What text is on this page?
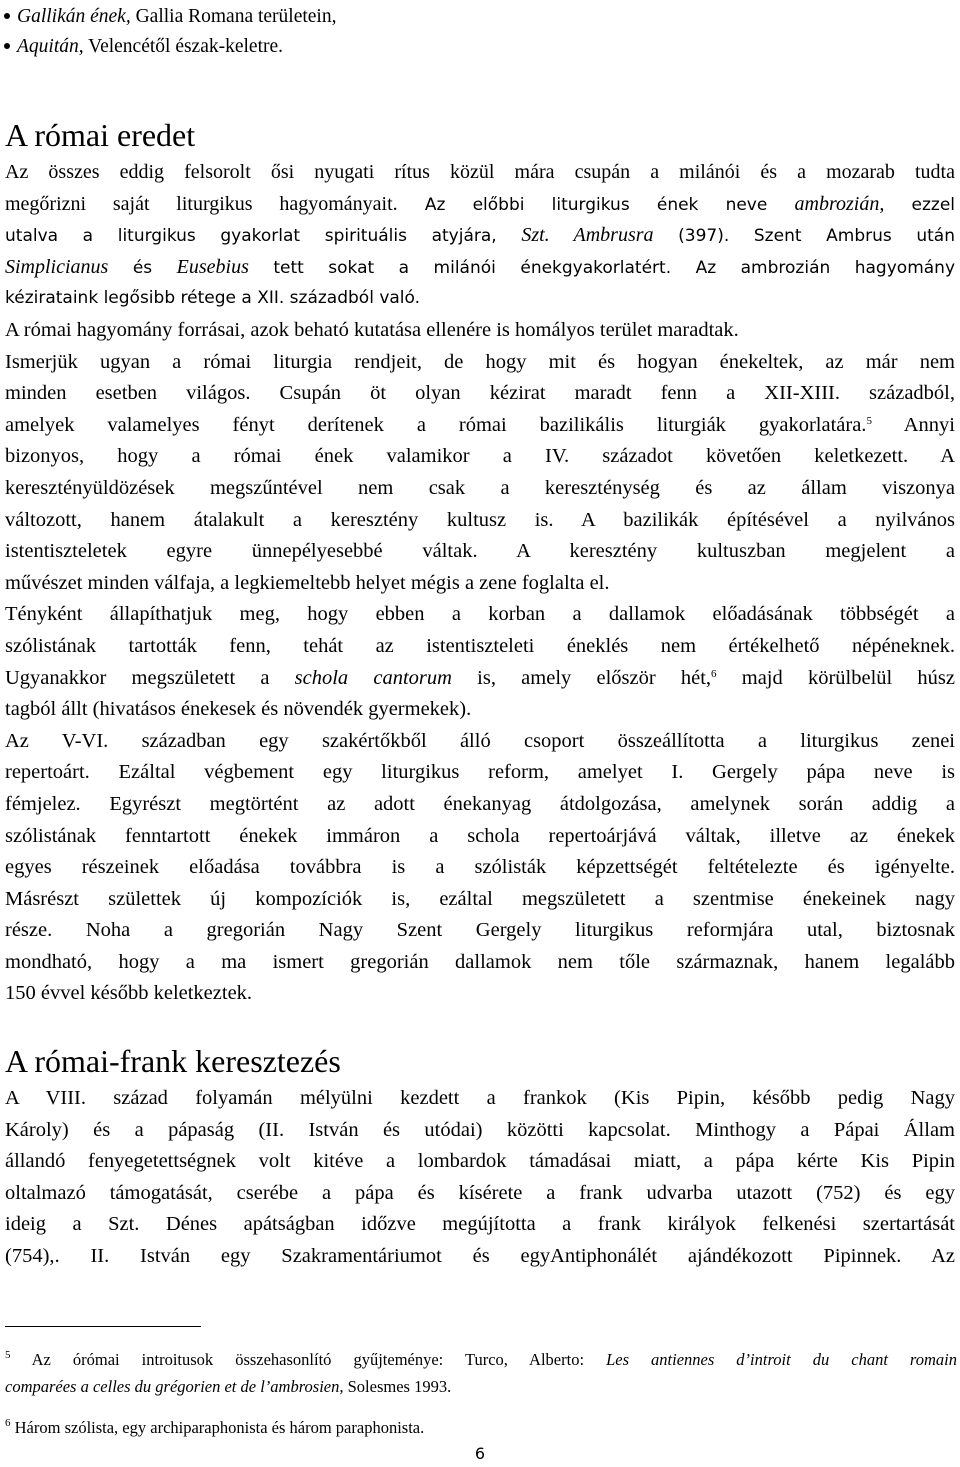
Gallikán ének, Gallia Romana területein,
Aquitán, Velencétől észak-keletre.
A római eredet
Az összes eddig felsorolt ősi nyugati rítus közül mára csupán a milánói és a mozarab tudta
megőrizni saját liturgikus hagyományait. Az előbbi liturgikus ének neve ambrozián, ezzel
utalva a liturgikus gyakorlat spirituális atyjára, Szt. Ambrusra (397). Szent Ambrus után
Simplicianus és Eusebius tett sokat a milánói énekgyakorlatért. Az ambrozián hagyomány
kézirataink legősibb rétege a XII. századból való.
A római hagyomány forrásai, azok beható kutatása ellenére is homályos terület maradtak.
Ismerjük ugyan a római liturgia rendjeit, de hogy mit és hogyan énekeltek, az már nem
minden esetben világos. Csupán öt olyan kézirat maradt fenn a XII-XIII. századból,
amelyek valamelyes fényt derítenek a római bazilikális liturgiák gyakorlatára.$^5$ Annyi
bizonyos, hogy a római ének valamikor a IV. századot követően keletkezett. A
keresztényüldözések megszűntével nem csak a kereszténység és az állam viszonya
változott, hanem átalakult a keresztény kultusz is. A bazilikák építésével a nyilvános
istentiszteletek egyre ünnepélyesebbé váltak. A keresztény kultuszban megjelent a
művészet minden válfaja, a legkiemeltebb helyet mégis a zene foglalta el.
Tényként állapíthatjuk meg, hogy ebben a korban a dallamok előadásának többségét a
szólistának tartották fenn, tehát az istentiszteleti éneklés nem értékelhető népéneknek.
Ugyanakkor megszületett a schola cantorum is, amely először hét,$^6$ majd körülbelül húsz
tagból állt (hivatásos énekesek és növendék gyermekek).
Az V-VI. században egy szakértőkből álló csoport összeállította a liturgikus zenei
repertoárt. Ezáltal végbement egy liturgikus reform, amelyet I. Gergely pápa neve is
fémjelez. Egyrészt megtörtént az adott énekanyag átdolgozása, amelynek során addig a
szólistának fenntartott énekek immáron a schola repertoárjává váltak, illetve az énekek
egyes részeinek előadása továbbra is a szólisták képzettségét feltételezte és igényelte.
Másrészt születtek új kompozíciók is, ezáltal megszületett a szentmise énekeinek nagy
része. Noha a gregorián Nagy Szent Gergely liturgikus reformjára utal, biztosnak
mondható, hogy a ma ismert gregorián dallamok nem tőle származnak, hanem legalább
150 évvel később keletkeztek.
A római-frank keresztezés
A VIII. század folyamán mélyülni kezdett a frankok (Kis Pipin, később pedig Nagy
Károly) és a pápaság (II. István és utódai) közötti kapcsolat. Minthogy a Pápai Állam
állandó fenyegetettségnek volt kitéve a lombardok támadásai miatt, a pápa kérte Kis Pipin
oltalmazó támogatását, cserébe a pápa és kísérete a frank udvarba utazott (752) és egy
ideig a Szt. Dénes apátságban időzve megújította a frank királyok felkenési szertartását
(754),. II. István egy Szakramentáriumot és egyAntiphonálét ajándékozott Pipinnek. Az
$^5$ Az órómai introitusok összehasonlító gyűjteménye: Turco, Alberto: Les antiennes d’introit du chant romain
comparées a celles du grégorien et de l’ambrosien, Solesmes 1993.
$^6$ Három szólista, egy archiparaphonista és három paraphonista.
6
